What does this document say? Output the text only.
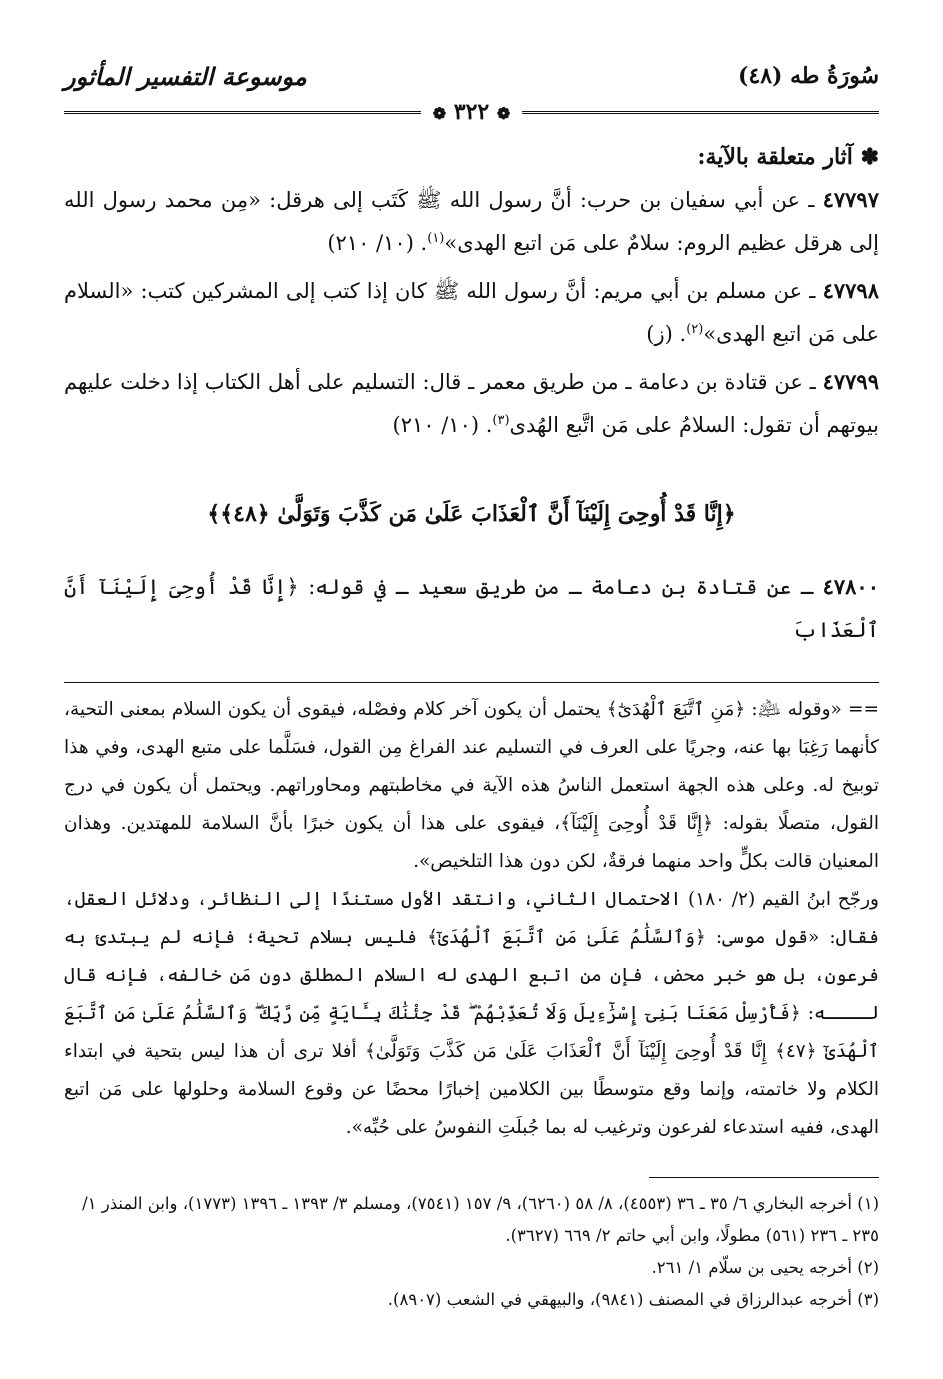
سُورَةُ طه (٤٨)
موسوعة التفسير المأثور
❁ ٣٢٢ ❁
✽ آثار متعلقة بالآية:

٤٧٧٩٧ ـ عن أبي سفيان بن حرب: أنَّ رسول الله ﷺ كَتَب إلى هرقل: «مِن محمد رسول الله إلى هرقل عظيم الروم: سلامٌ على مَن اتبع الهدى»$^{(١)}$. (١٠/ ٢١٠)

٤٧٧٩٨ ـ عن مسلم بن أبي مريم: أنَّ رسول الله ﷺ كان إذا كتب إلى المشركين كتب: «السلام على مَن اتبع الهدى»$^{(٢)}$. (ز)

٤٧٧٩٩ ـ عن قتادة بن دعامة ـ من طريق معمر ـ قال: التسليم على أهل الكتاب إذا دخلت عليهم بيوتهم أن تقول: السلامُ على مَن اتَّبع الهُدى$^{(٣)}$. (١٠/ ٢١٠)

﴿إِنَّا قَدْ أُوحِىَ إِلَيْنَآ أَنَّ ٱلْعَذَابَ عَلَىٰ مَن كَذَّبَ وَتَوَلَّىٰ ﴿٤٨﴾﴾

٤٧٨٠٠ ـ عن قتادة بن دعامة ـ من طريق سعيد ـ في قوله: ﴿إِنَّا قَدْ أُوحِىَ إِلَيْنَآ أَنَّ ٱلْعَذَابَ

== «وقوله ﵇: ﴿مَنِ ٱتَّبَعَ ٱلْهُدَىٰٓ﴾ يحتمل أن يكون آخر كلام وفصْله، فيقوى أن يكون السلام بمعنى التحية، كأنهما رَغِبَا بها عنه، وجريًا على العرف في التسليم عند الفراغ مِن القول، فسَلَّما على متبع الهدى، وفي هذا توبيخ له. وعلى هذه الجهة استعمل الناسُ هذه الآية في مخاطبتهم ومحاوراتهم. ويحتمل أن يكون في درج القول، متصلًا بقوله: ﴿إِنَّا قَدْ أُوحِىَ إِلَيْنَآ﴾، فيقوى على هذا أن يكون خبرًا بأنَّ السلامة للمهتدين. وهذان المعنيان قالت بكلٍّ واحد منهما فرقةٌ، لكن دون هذا التلخيص».

ورجّح ابنُ القيم (٢/ ١٨٠) الاحتمال الثاني، وانتقد الأول مستندًا إلى النظائر، ودلائل العقل، فقال: «قول موسى: ﴿وَٱلسَّلَٰمُ عَلَىٰ مَنِ ٱتَّبَعَ ٱلْهُدَىٰٓ﴾ فليس بسلام تحية؛ فإنه لم يبتدئ به فرعون، بل هو خبر محض، فإن من اتبع الهدى له السلام المطلق دون مَن خالفه، فإنه قال لــــه: ﴿فَأْرْسِلْ مَعَنَا بَنِىٓ إِسْرَٰٓءِيلَ وَلَا تُعَذِّبْهُمْ ۖ قَدْ جِئْنَٰكَ بِـَٔايَةٍ مِّن رَّبِّكَ ۖ وَٱلسَّلَٰمُ عَلَىٰ مَنِ ٱتَّبَعَ ٱلْهُدَىٰٓ ﴿٤٧﴾ إِنَّا قَدْ أُوحِىَ إِلَيْنَآ أَنَّ ٱلْعَذَابَ عَلَىٰ مَن كَذَّبَ وَتَوَلَّىٰ﴾ أفلا ترى أن هذا ليس بتحية في ابتداء الكلام ولا خاتمته، وإنما وقع متوسطًا بين الكلامين إخبارًا محضًا عن وقوع السلامة وحلولها على مَن اتبع الهدى، ففيه استدعاء لفرعون وترغيب له بما جُبلَتِ النفوسُ على حُبِّه».

(١) أخرجه البخاري ٦/ ٣٥ ـ ٣٦ (٤٥٥٣)، ٨/ ٥٨ (٦٢٦٠)، ٩/ ١٥٧ (٧٥٤١)، ومسلم ٣/ ١٣٩٣ ـ ١٣٩٦ (١٧٧٣)، وابن المنذر ١/ ٢٣٥ ـ ٢٣٦ (٥٦١) مطولًا، وابن أبي حاتم ٢/ ٦٦٩ (٣٦٢٧).

(٢) أخرجه يحيى بن سلّام ١/ ٢٦١.

(٣) أخرجه عبدالرزاق في المصنف (٩٨٤١)، والبيهقي في الشعب (٨٩٠٧).
